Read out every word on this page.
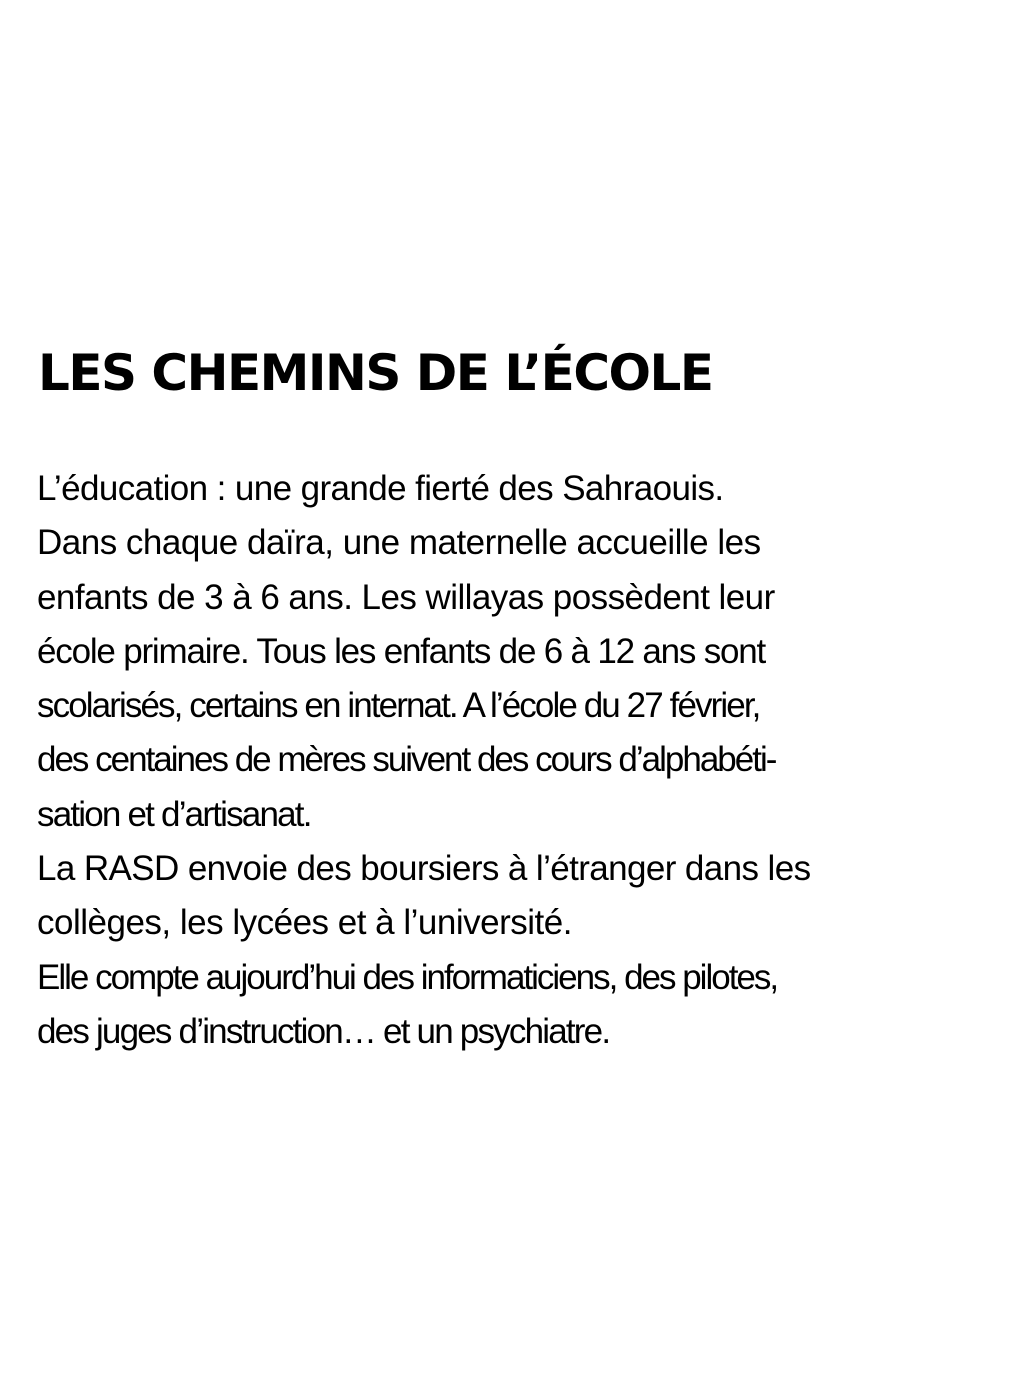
LES CHEMINS DE L’ÉCOLE
L’éducation : une grande fierté des Sahraouis.
Dans chaque daïra, une maternelle accueille les
enfants de 3 à 6 ans. Les willayas possèdent leur
école primaire. Tous les enfants de 6 à 12 ans sont
scolarisés, certains en internat. A l’école du 27 février,
des centaines de mères suivent des cours d’alphabéti-
sation et d’artisanat.
La RASD envoie des boursiers à l’étranger dans les
collèges, les lycées et à l’université.
Elle compte aujourd’hui des informaticiens, des pilotes,
des juges d’instruction… et un psychiatre.
